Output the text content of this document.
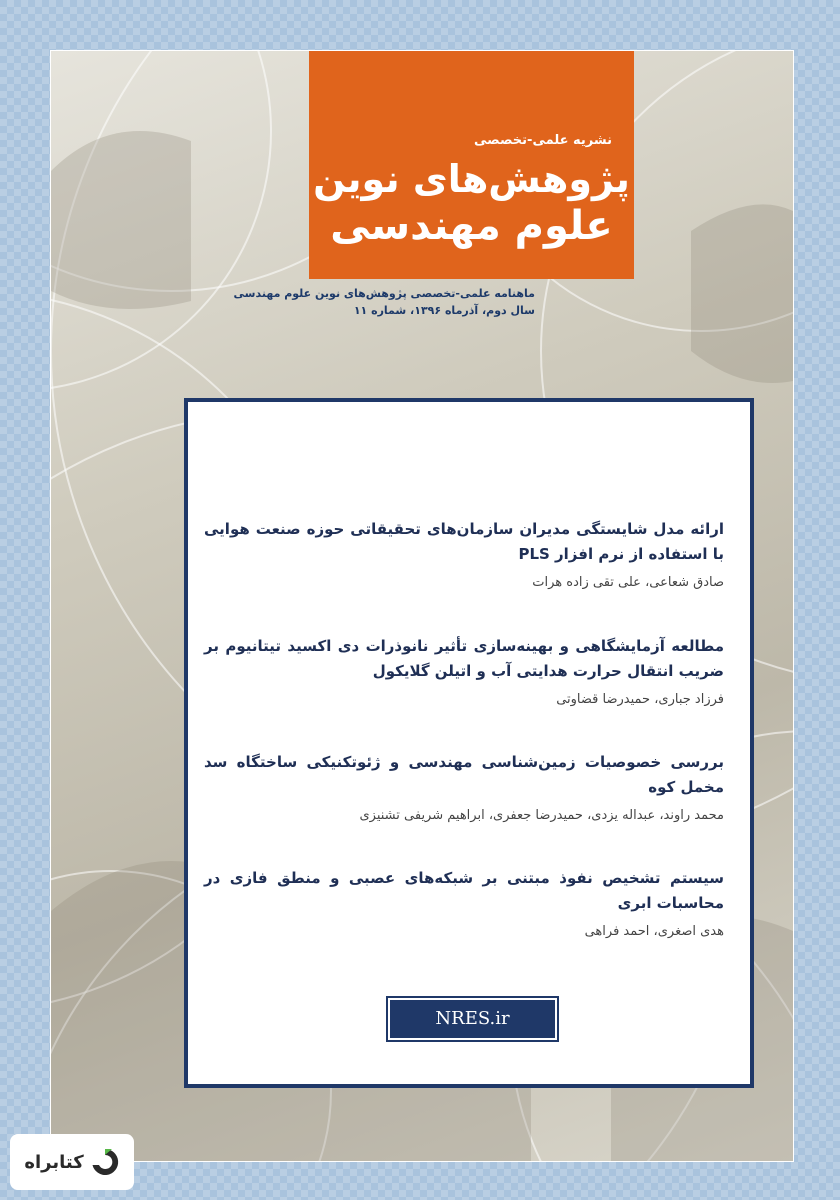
نشریه علمی-تخصصی
پژوهش‌های نوین
علوم مهندسی
ماهنامه علمی-تخصصی پژوهش‌های نوین علوم مهندسی
سال دوم، آذرماه ۱۳۹۶، شماره ۱۱
ارائه مدل شایستگی مدیران سازمان‌های تحقیقاتی حوزه صنعت هوایی با استفاده از نرم افزار PLS
صادق شعاعی، علی تقی زاده هرات
مطالعه آزمایشگاهی و بهینه‌سازی تأثیر نانوذرات دی اکسید تیتانیوم بر ضریب انتقال حرارت هدایتی آب و اتیلن گلایکول
فرزاد جباری، حمیدرضا قضاوتی
بررسی خصوصیات زمین‌شناسی مهندسی و ژئوتکنیکی ساختگاه سد مخمل کوه
محمد راوند، عبداله یزدی، حمیدرضا جعفری، ابراهیم شریفی تشنیزی
سیستم تشخیص نفوذ مبتنی بر شبکه‌های عصبی و منطق فازی در محاسبات ابری
هدی اصغری، احمد فراهی
NRES.ir
کتابراه
